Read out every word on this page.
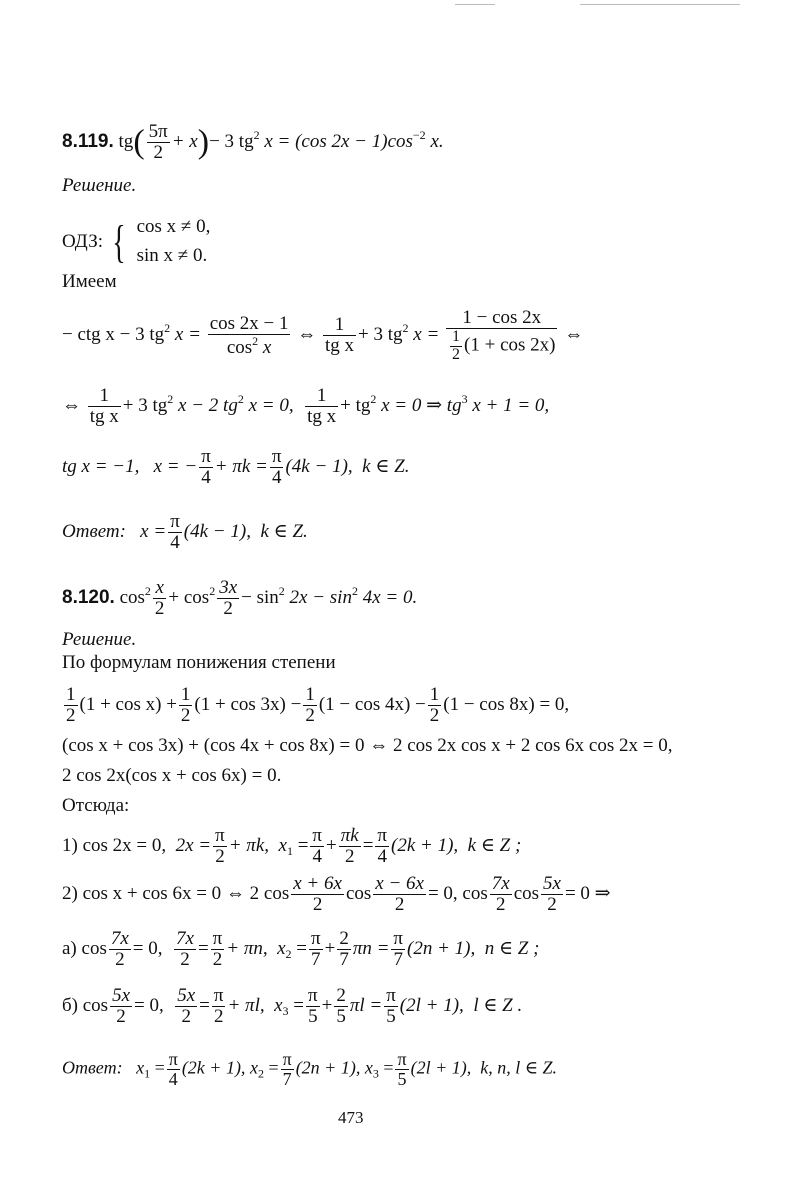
8.119. $tg( \frac{5\pi}{2} + x)- 3$ $tg^2$ x = (cos $2x - 1)\cos^{-2}$ x.
Решение.
ОДЗ: { cos x ≠ 0,
sin x ≠ 0.
Имеем
− ctg x − 3 $tg^2$ $x = \frac{\cos 2x - 1}{\cos^2 x}$ ⇔ $\frac{1}{\text{tg x}} + 3$ $tg^2$ $x = \frac{1 - \cos 2x}{\frac{1}{2} (1 + \cos 2x)}$ ⇔
⇔ $\frac{1}{\text{tg x}} + 3$ $tg^2$ x − 2 $tg^2$ x = 0, $\frac{1}{\text{tg x}} + tg^2$ x = 0 ⇒ $tg^3$ x + 1 = 0,
tg x = −1, x = − $\frac{\pi}{4} + \pi k = \frac{\pi}{4} (4k - 1)$, k ∈ Z.
Ответ: $x = \frac{\pi}{4} (4k - 1)$, k ∈ Z.
8.120. $\cos^2 \frac{x}{2} + \cos^2 \frac{3x}{2} - \sin^2 2x - \sin^2 4x = 0$.
Решение.
По формулам понижения степени
$\frac{1}{2} (1 + \cos x) + \frac{1}{2} (1 + \cos 3x) - \frac{1}{2} (1 - \cos 4x) - \frac{1}{2} (1 - \cos 8x) = 0$,
(cos x + cos 3x) + (cos 4x + cos 8x) = 0 ⇔ 2 cos 2x cos x + 2 cos 6x cos 2x = 0,
2 cos 2x(cos x + cos 6x) = 0.
Отсюда:
1) cos 2x = 0, $2x = \frac{\pi}{2} + \pi k$, $x_1 = \frac{\pi}{4} + \frac{\pi k}{2} = \frac{\pi}{4} (2k + 1)$, k ∈ Z ;
2) cos x + cos 6x = 0 ⇔ 2 $\cos \frac{x + 6x}{2}$ $\cos \frac{x - 6x}{2} = 0$, $\cos \frac{7x}{2}$ $\cos \frac{5x}{2} = 0$ ⇒
а) $\cos \frac{7x}{2} = 0$, $\frac{7x}{2} = \frac{\pi}{2} + \pi n$, $x_2 = \frac{\pi}{7} + \frac{2}{7}$ $\pi n = \frac{\pi}{7} (2n + 1)$, n ∈ Z ;
б) $\cos \frac{5x}{2} = 0$, $\frac{5x}{2} = \frac{\pi}{2} + \pi l$, $x_3 = \frac{\pi}{5} + \frac{2}{5}$ $\pi l = \frac{\pi}{5} (2l + 1)$, l ∈ Z .
Ответ: $x_1 = \frac{\pi}{4} (2k + 1)$, $x_2 = \frac{\pi}{7} (2n + 1)$, $x_3 = \frac{\pi}{5} (2l + 1)$, k, n, l ∈ Z.
473
